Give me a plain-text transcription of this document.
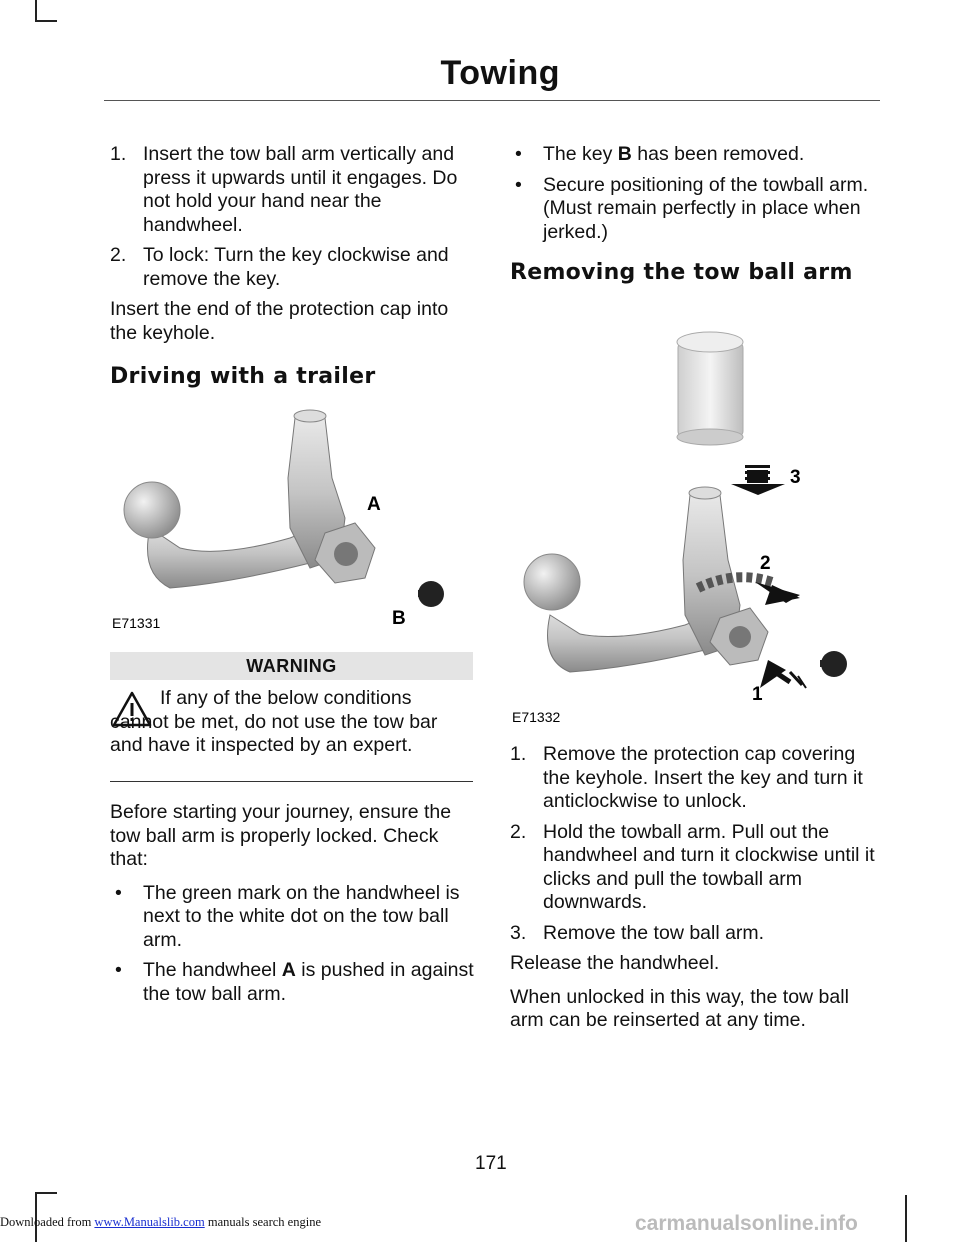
Towing
1. Insert the tow ball arm vertically and press it upwards until it engages. Do not hold your hand near the handwheel.
2. To lock: Turn the key clockwise and remove the key.

Insert the end of the protection cap into the keyhole.

Driving with a trailer
E71331
A
B
WARNING
If any of the below conditions cannot be met, do not use the tow bar and have it inspected by an expert.

Before starting your journey, ensure the tow ball arm is properly locked. Check that:

• The green mark on the handwheel is next to the white dot on the tow ball arm.
• The handwheel A is pushed in against the tow ball arm.
• The key B has been removed.
• Secure positioning of the towball arm. (Must remain perfectly in place when jerked.)
Removing the tow ball arm
3
2
1
E71332
1. Remove the protection cap covering the keyhole. Insert the key and turn it anticlockwise to unlock.
2. Hold the towball arm. Pull out the handwheel and turn it clockwise until it clicks and pull the towball arm downwards.
3. Remove the tow ball arm.

Release the handwheel.

When unlocked in this way, the tow ball arm can be reinserted at any time.

171
Downloaded from www.Manualslib.com manuals search engine	carmanualsonline.info
